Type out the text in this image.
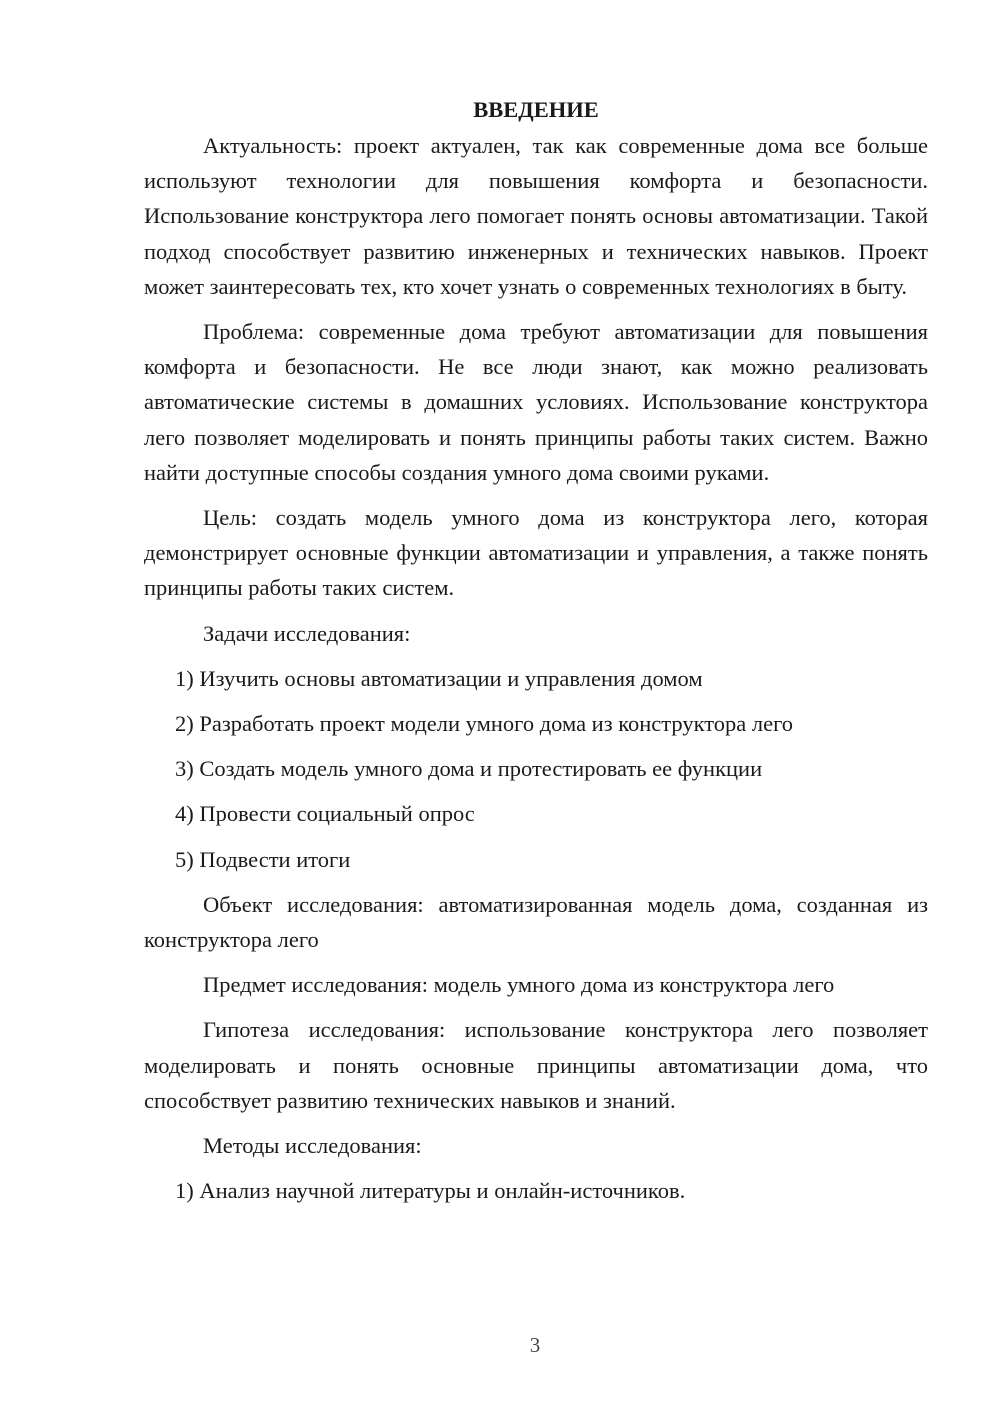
ВВЕДЕНИЕ

Актуальность: проект актуален, так как современные дома все больше используют технологии для повышения комфорта и безопасности. Использование конструктора лего помогает понять основы автоматизации. Такой подход способствует развитию инженерных и технических навыков. Проект может заинтересовать тех, кто хочет узнать о современных технологиях в быту.

Проблема: современные дома требуют автоматизации для повышения комфорта и безопасности. Не все люди знают, как можно реализовать автоматические системы в домашних условиях. Использование конструктора лего позволяет моделировать и понять принципы работы таких систем. Важно найти доступные способы создания умного дома своими руками.

Цель: создать модель умного дома из конструктора лего, которая демонстрирует основные функции автоматизации и управления, а также понять принципы работы таких систем.

Задачи исследования:

1) Изучить основы автоматизации и управления домом

2) Разработать проект модели умного дома из конструктора лего

3) Создать модель умного дома и протестировать ее функции

4) Провести социальный опрос

5) Подвести итоги

Объект исследования: автоматизированная модель дома, созданная из конструктора лего

Предмет исследования: модель умного дома из конструктора лего

Гипотеза исследования: использование конструктора лего позволяет моделировать и понять основные принципы автоматизации дома, что способствует развитию технических навыков и знаний.

Методы исследования:

1) Анализ научной литературы и онлайн-источников.

3
